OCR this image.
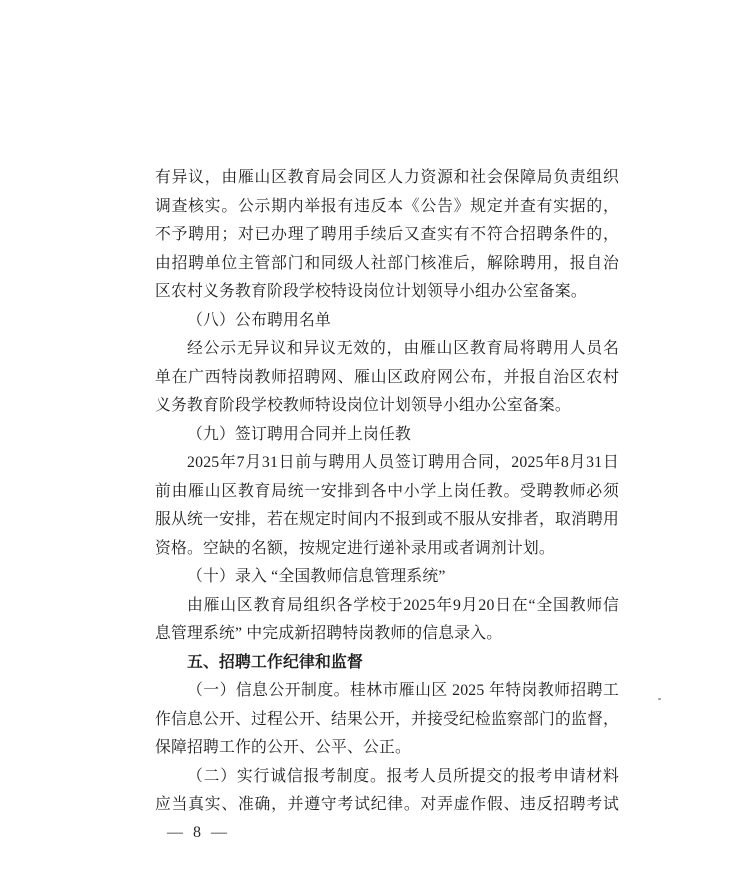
有异议，由雁山区教育局会同区人力资源和社会保障局负责组织
调查核实。公示期内举报有违反本《公告》规定并查有实据的，
不予聘用；对已办理了聘用手续后又查实有不符合招聘条件的，
由招聘单位主管部门和同级人社部门核准后，解除聘用，报自治
区农村义务教育阶段学校特设岗位计划领导小组办公室备案。
（八）公布聘用名单
经公示无异议和异议无效的，由雁山区教育局将聘用人员名
单在广西特岗教师招聘网、雁山区政府网公布，并报自治区农村
义务教育阶段学校教师特设岗位计划领导小组办公室备案。
（九）签订聘用合同并上岗任教
2025年7月31日前与聘用人员签订聘用合同，2025年8月31日
前由雁山区教育局统一安排到各中小学上岗任教。受聘教师必须
服从统一安排，若在规定时间内不报到或不服从安排者，取消聘用
资格。空缺的名额，按规定进行递补录用或者调剂计划。
（十）录入 “全国教师信息管理系统”
由雁山区教育局组织各学校于2025年9月20日在“全国教师信
息管理系统” 中完成新招聘特岗教师的信息录入。
五、招聘工作纪律和监督
（一）信息公开制度。桂林市雁山区 2025 年特岗教师招聘工
作信息公开、过程公开、结果公开，并接受纪检监察部门的监督，
保障招聘工作的公开、公平、公正。
（二）实行诚信报考制度。报考人员所提交的报考申请材料
应当真实、准确，并遵守考试纪律。对弄虚作假、违反招聘考试
— 8 —
